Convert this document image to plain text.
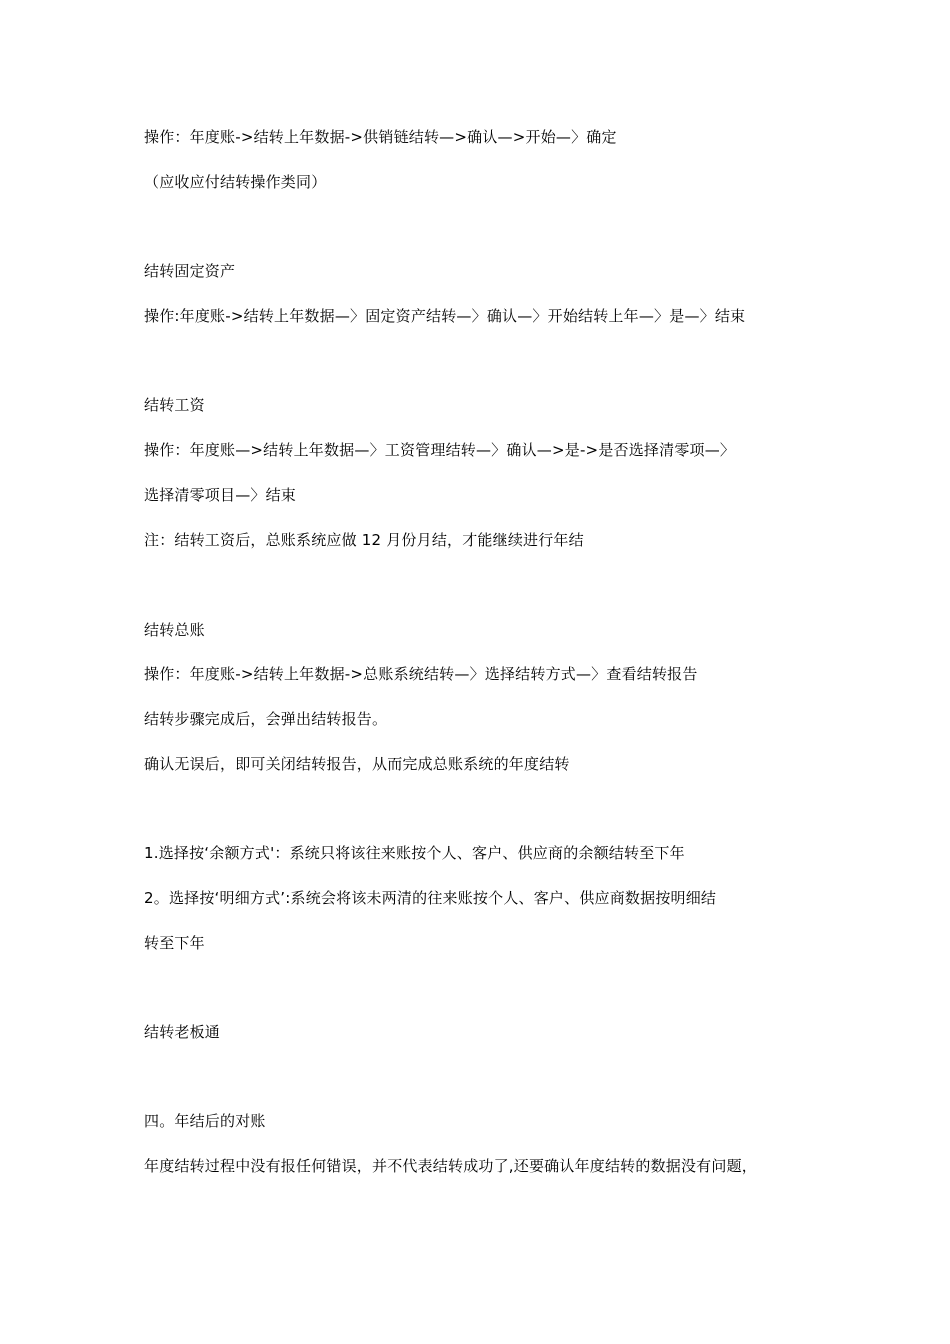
操作：年度账->结转上年数据->供销链结转—>确认—>开始—〉确定
（应收应付结转操作类同）
结转固定资产
操作:年度账->结转上年数据—〉固定资产结转—〉确认—〉开始结转上年—〉是—〉结束
结转工资
操作：年度账—>结转上年数据—〉工资管理结转—〉确认—>是->是否选择清零项—〉
选择清零项目—〉结束
注：结转工资后，总账系统应做 12 月份月结，才能继续进行年结
结转总账
操作：年度账->结转上年数据->总账系统结转—〉选择结转方式—〉查看结转报告
结转步骤完成后，会弹出结转报告。
确认无误后，即可关闭结转报告，从而完成总账系统的年度结转
1.选择按‘余额方式'：系统只将该往来账按个人、客户、供应商的余额结转至下年
2。选择按‘明细方式’:系统会将该未两清的往来账按个人、客户、供应商数据按明细结
转至下年
结转老板通
四。年结后的对账
年度结转过程中没有报任何错误，并不代表结转成功了,还要确认年度结转的数据没有问题，
